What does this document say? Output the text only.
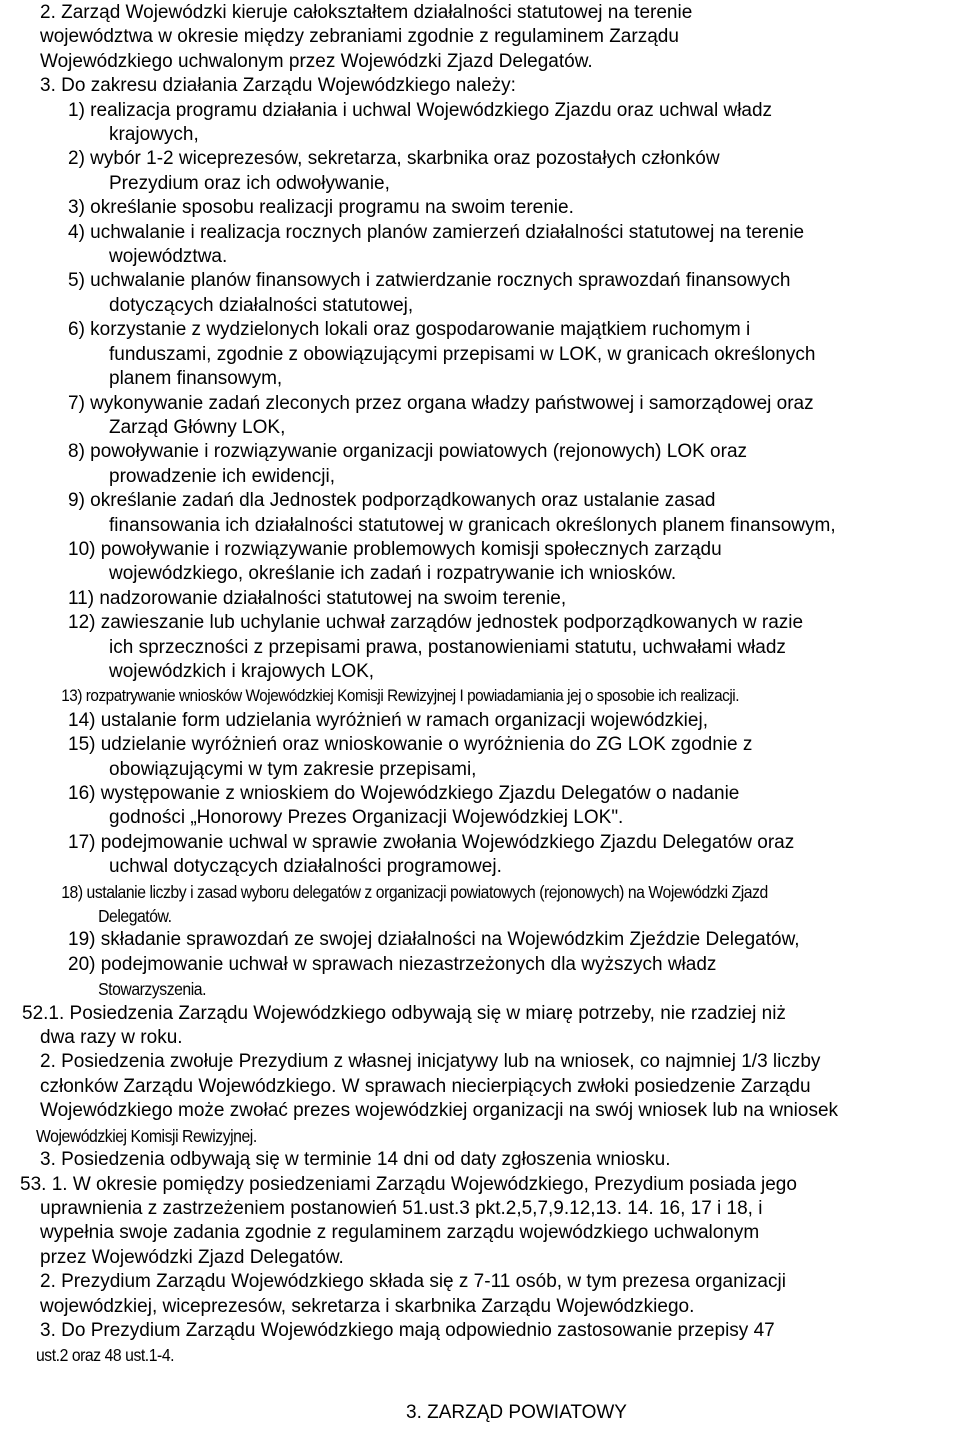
2. Zarząd Wojewódzki kieruje całokształtem działalności statutowej na terenie

województwa w okresie między zebraniami zgodnie z regulaminem Zarządu

Wojewódzkiego uchwalonym przez Wojewódzki Zjazd Delegatów.

3. Do zakresu działania Zarządu Wojewódzkiego należy:

1) realizacja programu działania i uchwal Wojewódzkiego Zjazdu oraz uchwal władz

krajowych,

2) wybór 1-2 wiceprezesów, sekretarza, skarbnika oraz pozostałych członków

Prezydium oraz ich odwoływanie,

3) określanie sposobu realizacji programu na swoim terenie.

4) uchwalanie i realizacja rocznych planów zamierzeń działalności statutowej na terenie

województwa.

5) uchwalanie planów finansowych i zatwierdzanie rocznych sprawozdań finansowych

dotyczących działalności statutowej,

6) korzystanie z wydzielonych lokali oraz gospodarowanie majątkiem ruchomym i

funduszami, zgodnie z obowiązującymi przepisami w LOK, w granicach określonych

planem finansowym,

7) wykonywanie zadań zleconych przez organa władzy państwowej i samorządowej oraz

Zarząd Główny LOK,

8) powoływanie i rozwiązywanie organizacji powiatowych (rejonowych) LOK oraz

prowadzenie ich ewidencji,

9) określanie zadań dla Jednostek podporządkowanych oraz ustalanie zasad

finansowania ich działalności statutowej w granicach określonych planem finansowym,

10) powoływanie i rozwiązywanie problemowych komisji społecznych zarządu

wojewódzkiego, określanie ich zadań i rozpatrywanie ich wniosków.

11) nadzorowanie działalności statutowej na swoim terenie,

12) zawieszanie lub uchylanie uchwał zarządów jednostek podporządkowanych w razie

ich sprzeczności z przepisami prawa, postanowieniami statutu, uchwałami władz

wojewódzkich i krajowych LOK,

13) rozpatrywanie wniosków Wojewódzkiej Komisji Rewizyjnej I powiadamiania jej o sposobie ich realizacji.

14) ustalanie form udzielania wyróżnień w ramach organizacji wojewódzkiej,

15) udzielanie wyróżnień oraz wnioskowanie o wyróżnienia do ZG LOK zgodnie z

obowiązującymi w tym zakresie przepisami,

16) występowanie z wnioskiem do Wojewódzkiego Zjazdu Delegatów o nadanie

godności „Honorowy Prezes Organizacji Wojewódzkiej LOK".

17) podejmowanie uchwal w sprawie zwołania Wojewódzkiego Zjazdu Delegatów oraz

uchwal dotyczących działalności programowej.

18) ustalanie liczby i zasad wyboru delegatów z organizacji powiatowych (rejonowych) na Wojewódzki Zjazd

Delegatów.

19) składanie sprawozdań ze swojej działalności na Wojewódzkim Zjeździe Delegatów,

20) podejmowanie uchwał w sprawach niezastrzeżonych dla wyższych władz

Stowarzyszenia.

52.1. Posiedzenia Zarządu Wojewódzkiego odbywają się w miarę potrzeby, nie rzadziej niż

dwa razy w roku.

2. Posiedzenia zwołuje Prezydium z własnej inicjatywy lub na wniosek, co najmniej 1/3 liczby

członków Zarządu Wojewódzkiego. W sprawach niecierpiących zwłoki posiedzenie Zarządu

Wojewódzkiego może zwołać prezes wojewódzkiej organizacji na swój wniosek lub na wniosek

Wojewódzkiej Komisji Rewizyjnej.

3. Posiedzenia odbywają się w terminie 14 dni od daty zgłoszenia wniosku.

53. 1. W okresie pomiędzy posiedzeniami Zarządu Wojewódzkiego, Prezydium posiada jego

uprawnienia z zastrzeżeniem postanowień 51.ust.3 pkt.2,5,7,9.12,13. 14. 16, 17 i 18, i

wypełnia swoje zadania zgodnie z regulaminem zarządu wojewódzkiego uchwalonym

przez Wojewódzki Zjazd Delegatów.

2. Prezydium Zarządu Wojewódzkiego składa się z 7-11 osób, w tym prezesa organizacji

wojewódzkiej, wiceprezesów, sekretarza i skarbnika Zarządu Wojewódzkiego.

3. Do Prezydium Zarządu Wojewódzkiego mają odpowiednio zastosowanie przepisy 47

ust.2 oraz 48 ust.1-4.

3. ZARZĄD POWIATOWY
